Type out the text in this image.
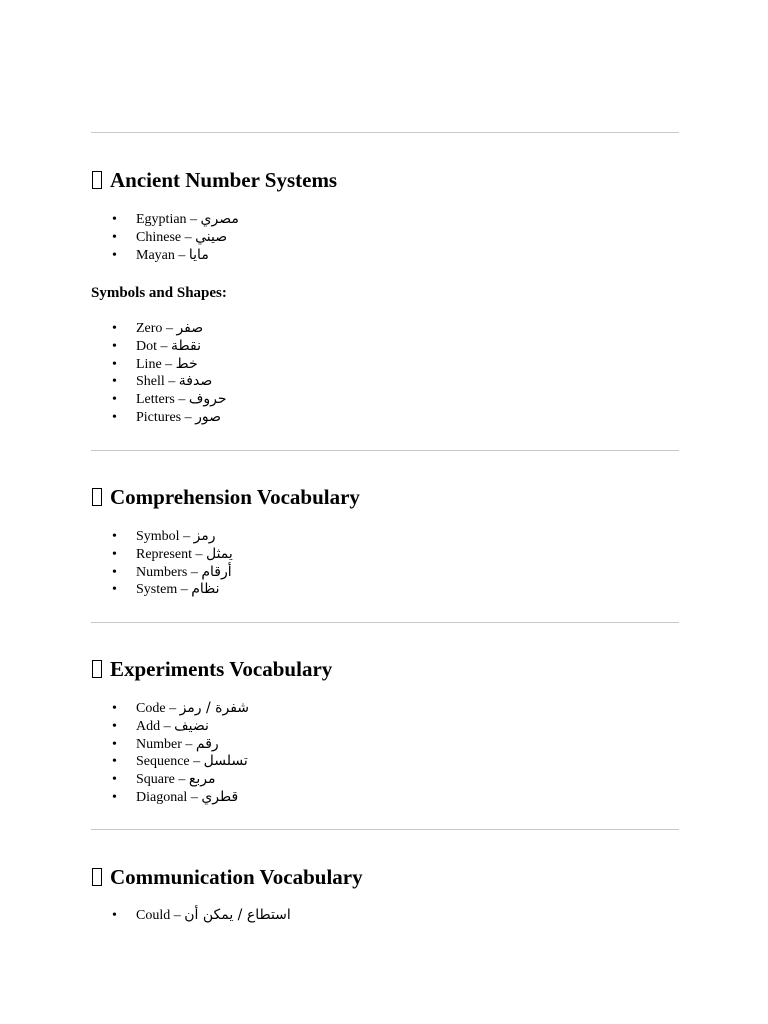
Ancient Number Systems
• Egyptian – مصري
• Chinese – صيني
• Mayan – مايا
Symbols and Shapes:
• Zero – صفر
• Dot – نقطة
• Line – خط
• Shell – صدفة
• Letters – حروف
• Pictures – صور
Comprehension Vocabulary
• Symbol – رمز
• Represent – يمثل
• Numbers – أرقام
• System – نظام
Experiments Vocabulary
• Code – شفرة / رمز
• Add – نضيف
• Number – رقم
• Sequence – تسلسل
• Square – مربع
• Diagonal – قطري
Communication Vocabulary
• Could – استطاع / يمكن أن
